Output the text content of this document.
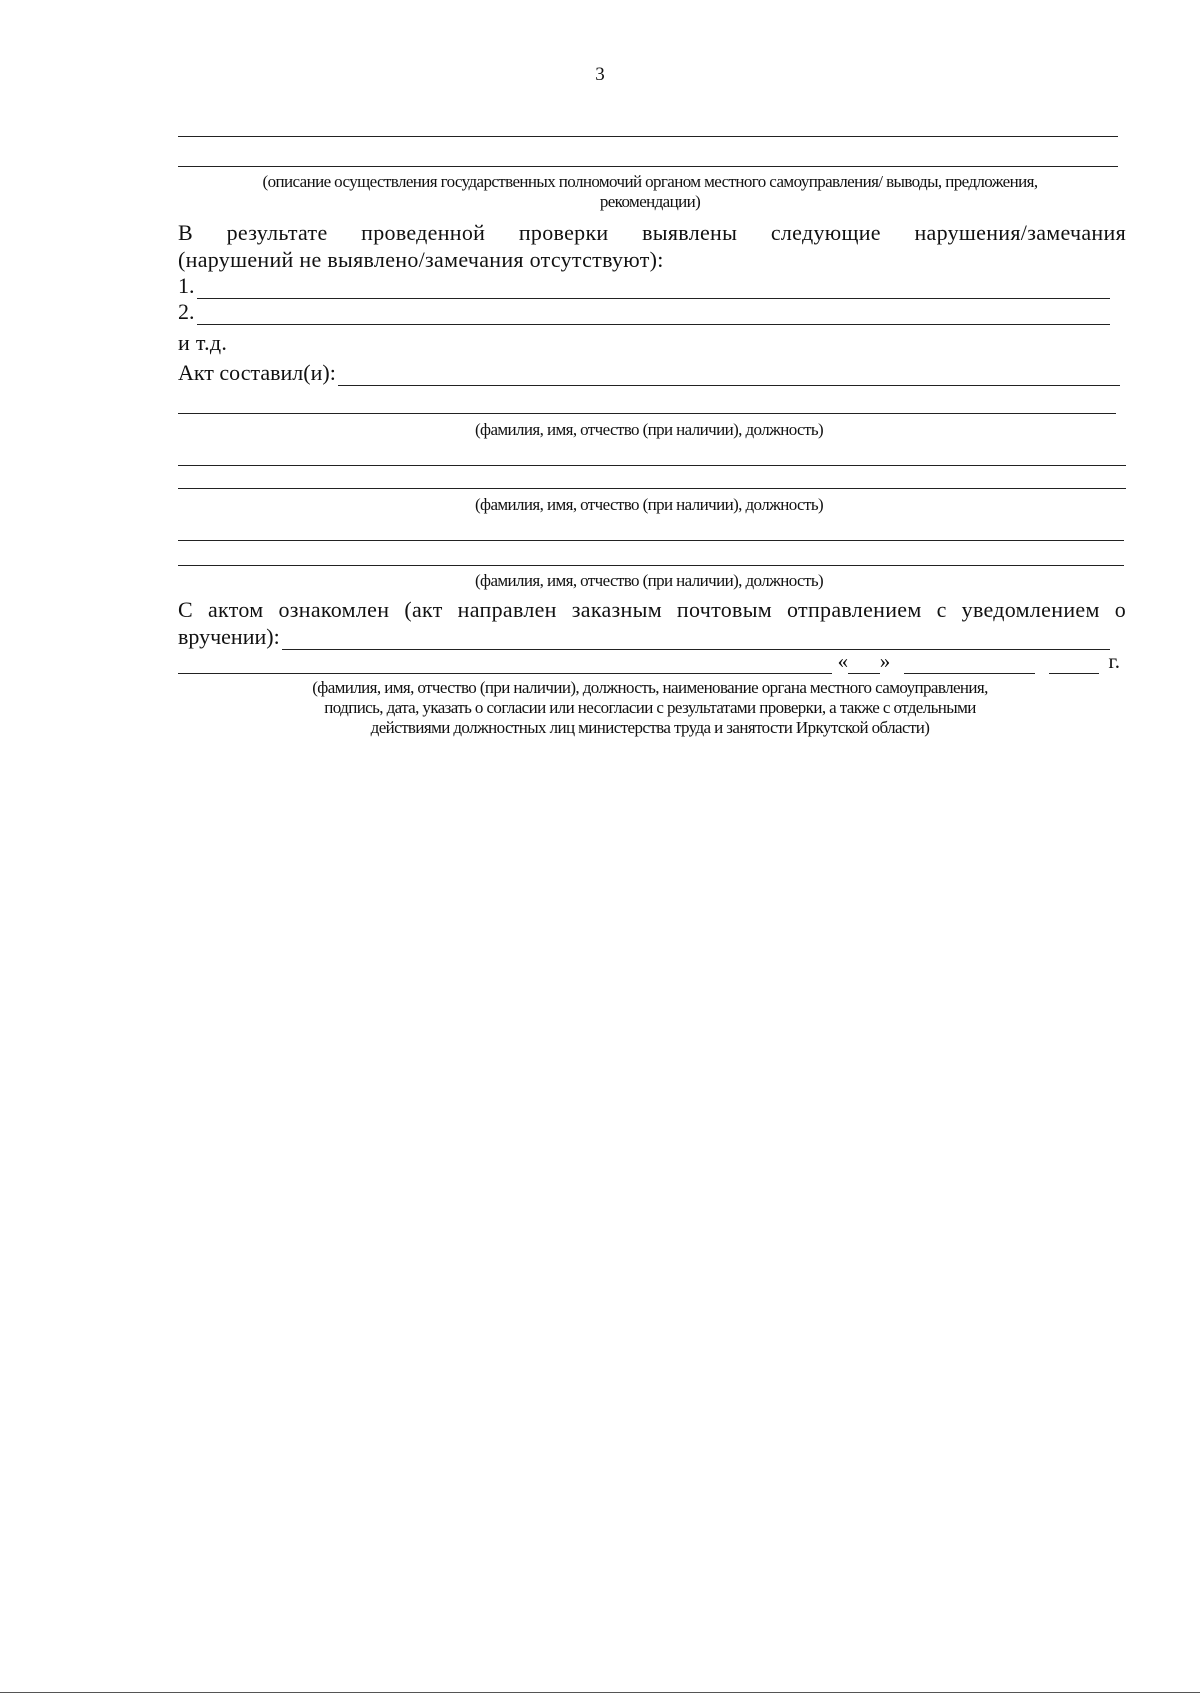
3
(описание осуществления государственных полномочий органом местного самоуправления/ выводы, предложения,
рекомендации)
В результате проведенной проверки выявлены следующие нарушения/замечания
(нарушений не выявлено/замечания отсутствуют):
1.
2.
и т.д.
Акт составил(и):
(фамилия, имя, отчество (при наличии), должность)
(фамилия, имя, отчество (при наличии), должность)
(фамилия, имя, отчество (при наличии), должность)
С актом ознакомлен (акт направлен заказным почтовым отправлением с уведомлением о
вручении):
« »	г.
(фамилия, имя, отчество (при наличии), должность, наименование органа местного самоуправления,
подпись, дата, указать о согласии или несогласии с результатами проверки, а также с отдельными
действиями должностных лиц министерства труда и занятости Иркутской области)
